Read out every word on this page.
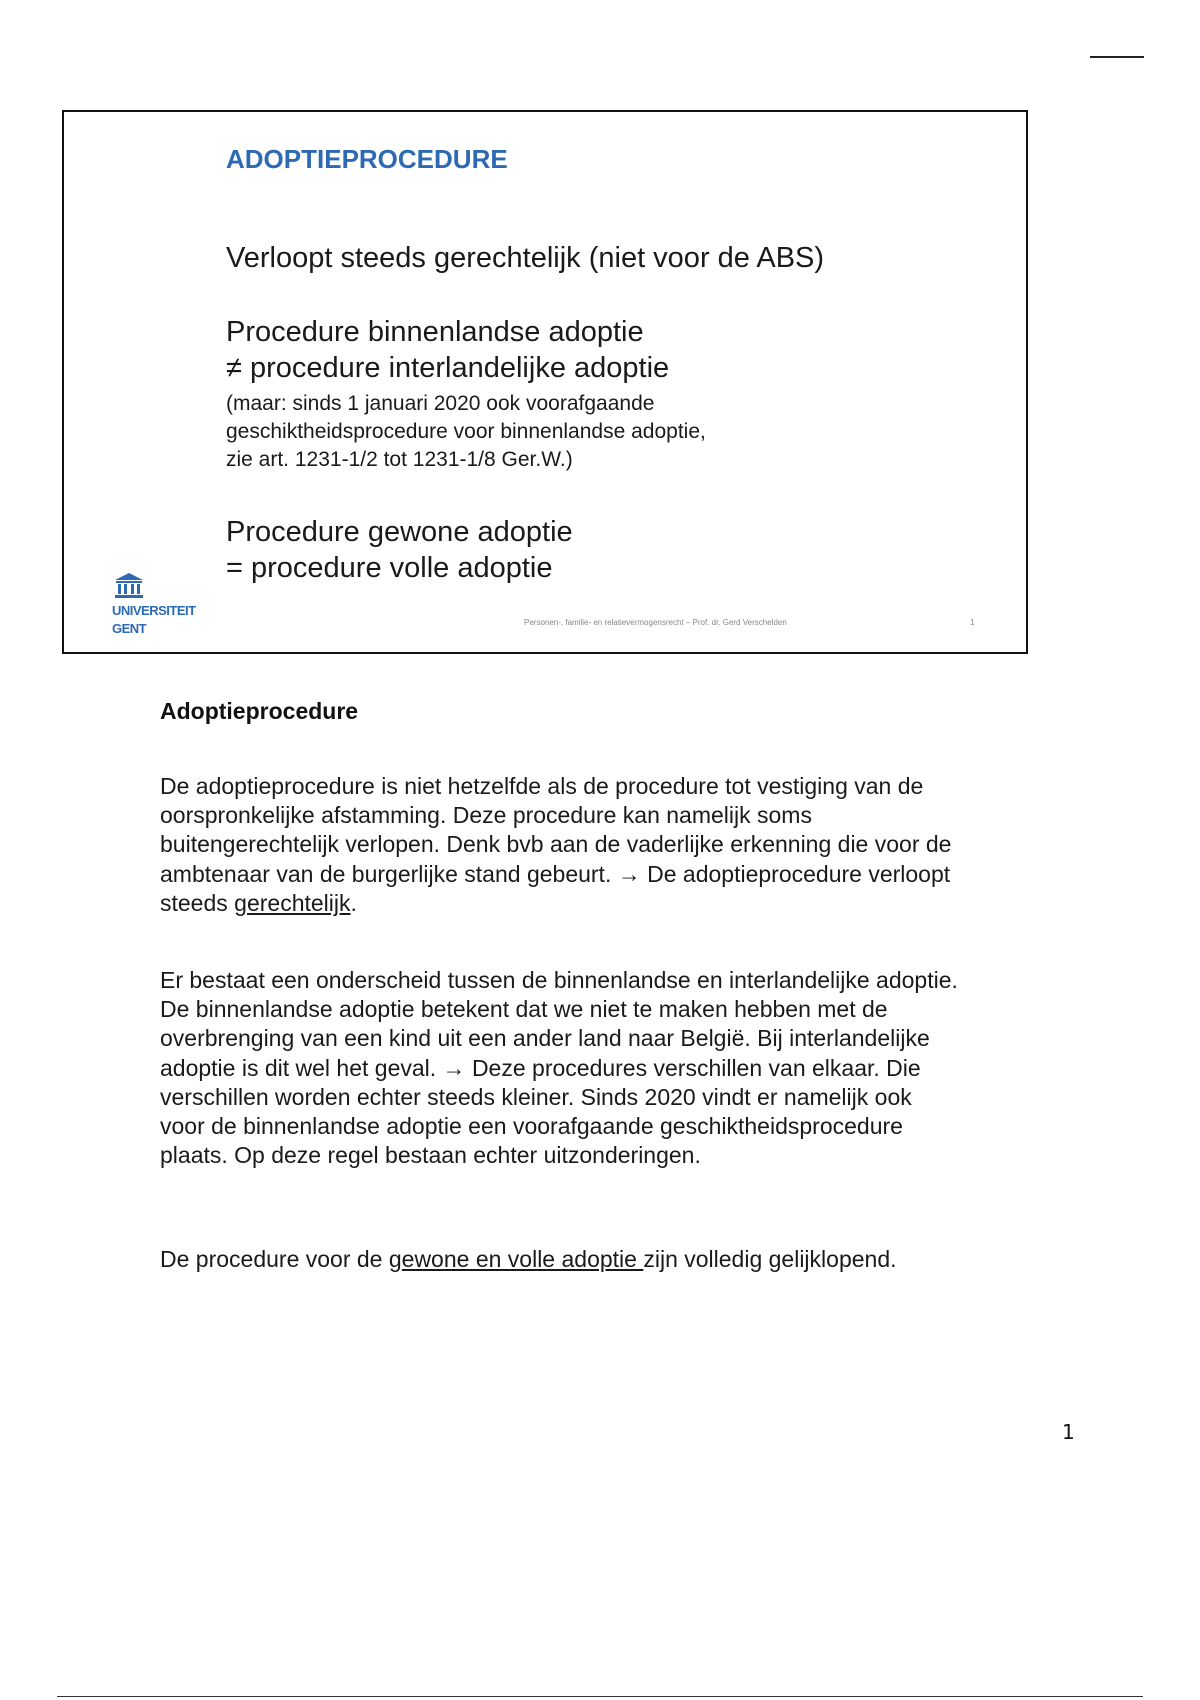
ADOPTIEPROCEDURE

Verloopt steeds gerechtelijk (niet voor de ABS)

Procedure binnenlandse adoptie

≠ procedure interlandelijke adoptie

(maar: sinds 1 januari 2020 ook voorafgaande

geschiktheidsprocedure voor binnenlandse adoptie,

zie art. 1231-1/2 tot 1231-1/8 Ger.W.)

Procedure gewone adoptie

= procedure volle adoptie

UNIVERSITEIT
GENT	Personen-, familie- en relatievermogensrecht – Prof. dr. Gerd Verschelden	1
Adoptieprocedure

De adoptieprocedure is niet hetzelfde als de procedure tot vestiging van de oorspronkelijke afstamming. Deze procedure kan namelijk soms buitengerechtelijk verlopen. Denk bvb aan de vaderlijke erkenning die voor de ambtenaar van de burgerlijke stand gebeurt. → De adoptieprocedure verloopt steeds gerechtelijk.

Er bestaat een onderscheid tussen de binnenlandse en interlandelijke adoptie. De binnenlandse adoptie betekent dat we niet te maken hebben met de overbrenging van een kind uit een ander land naar België. Bij interlandelijke adoptie is dit wel het geval. → Deze procedures verschillen van elkaar. Die verschillen worden echter steeds kleiner. Sinds 2020 vindt er namelijk ook voor de binnenlandse adoptie een voorafgaande geschiktheidsprocedure plaats. Op deze regel bestaan echter uitzonderingen.

De procedure voor de gewone en volle adoptie zijn volledig gelijklopend.

1
